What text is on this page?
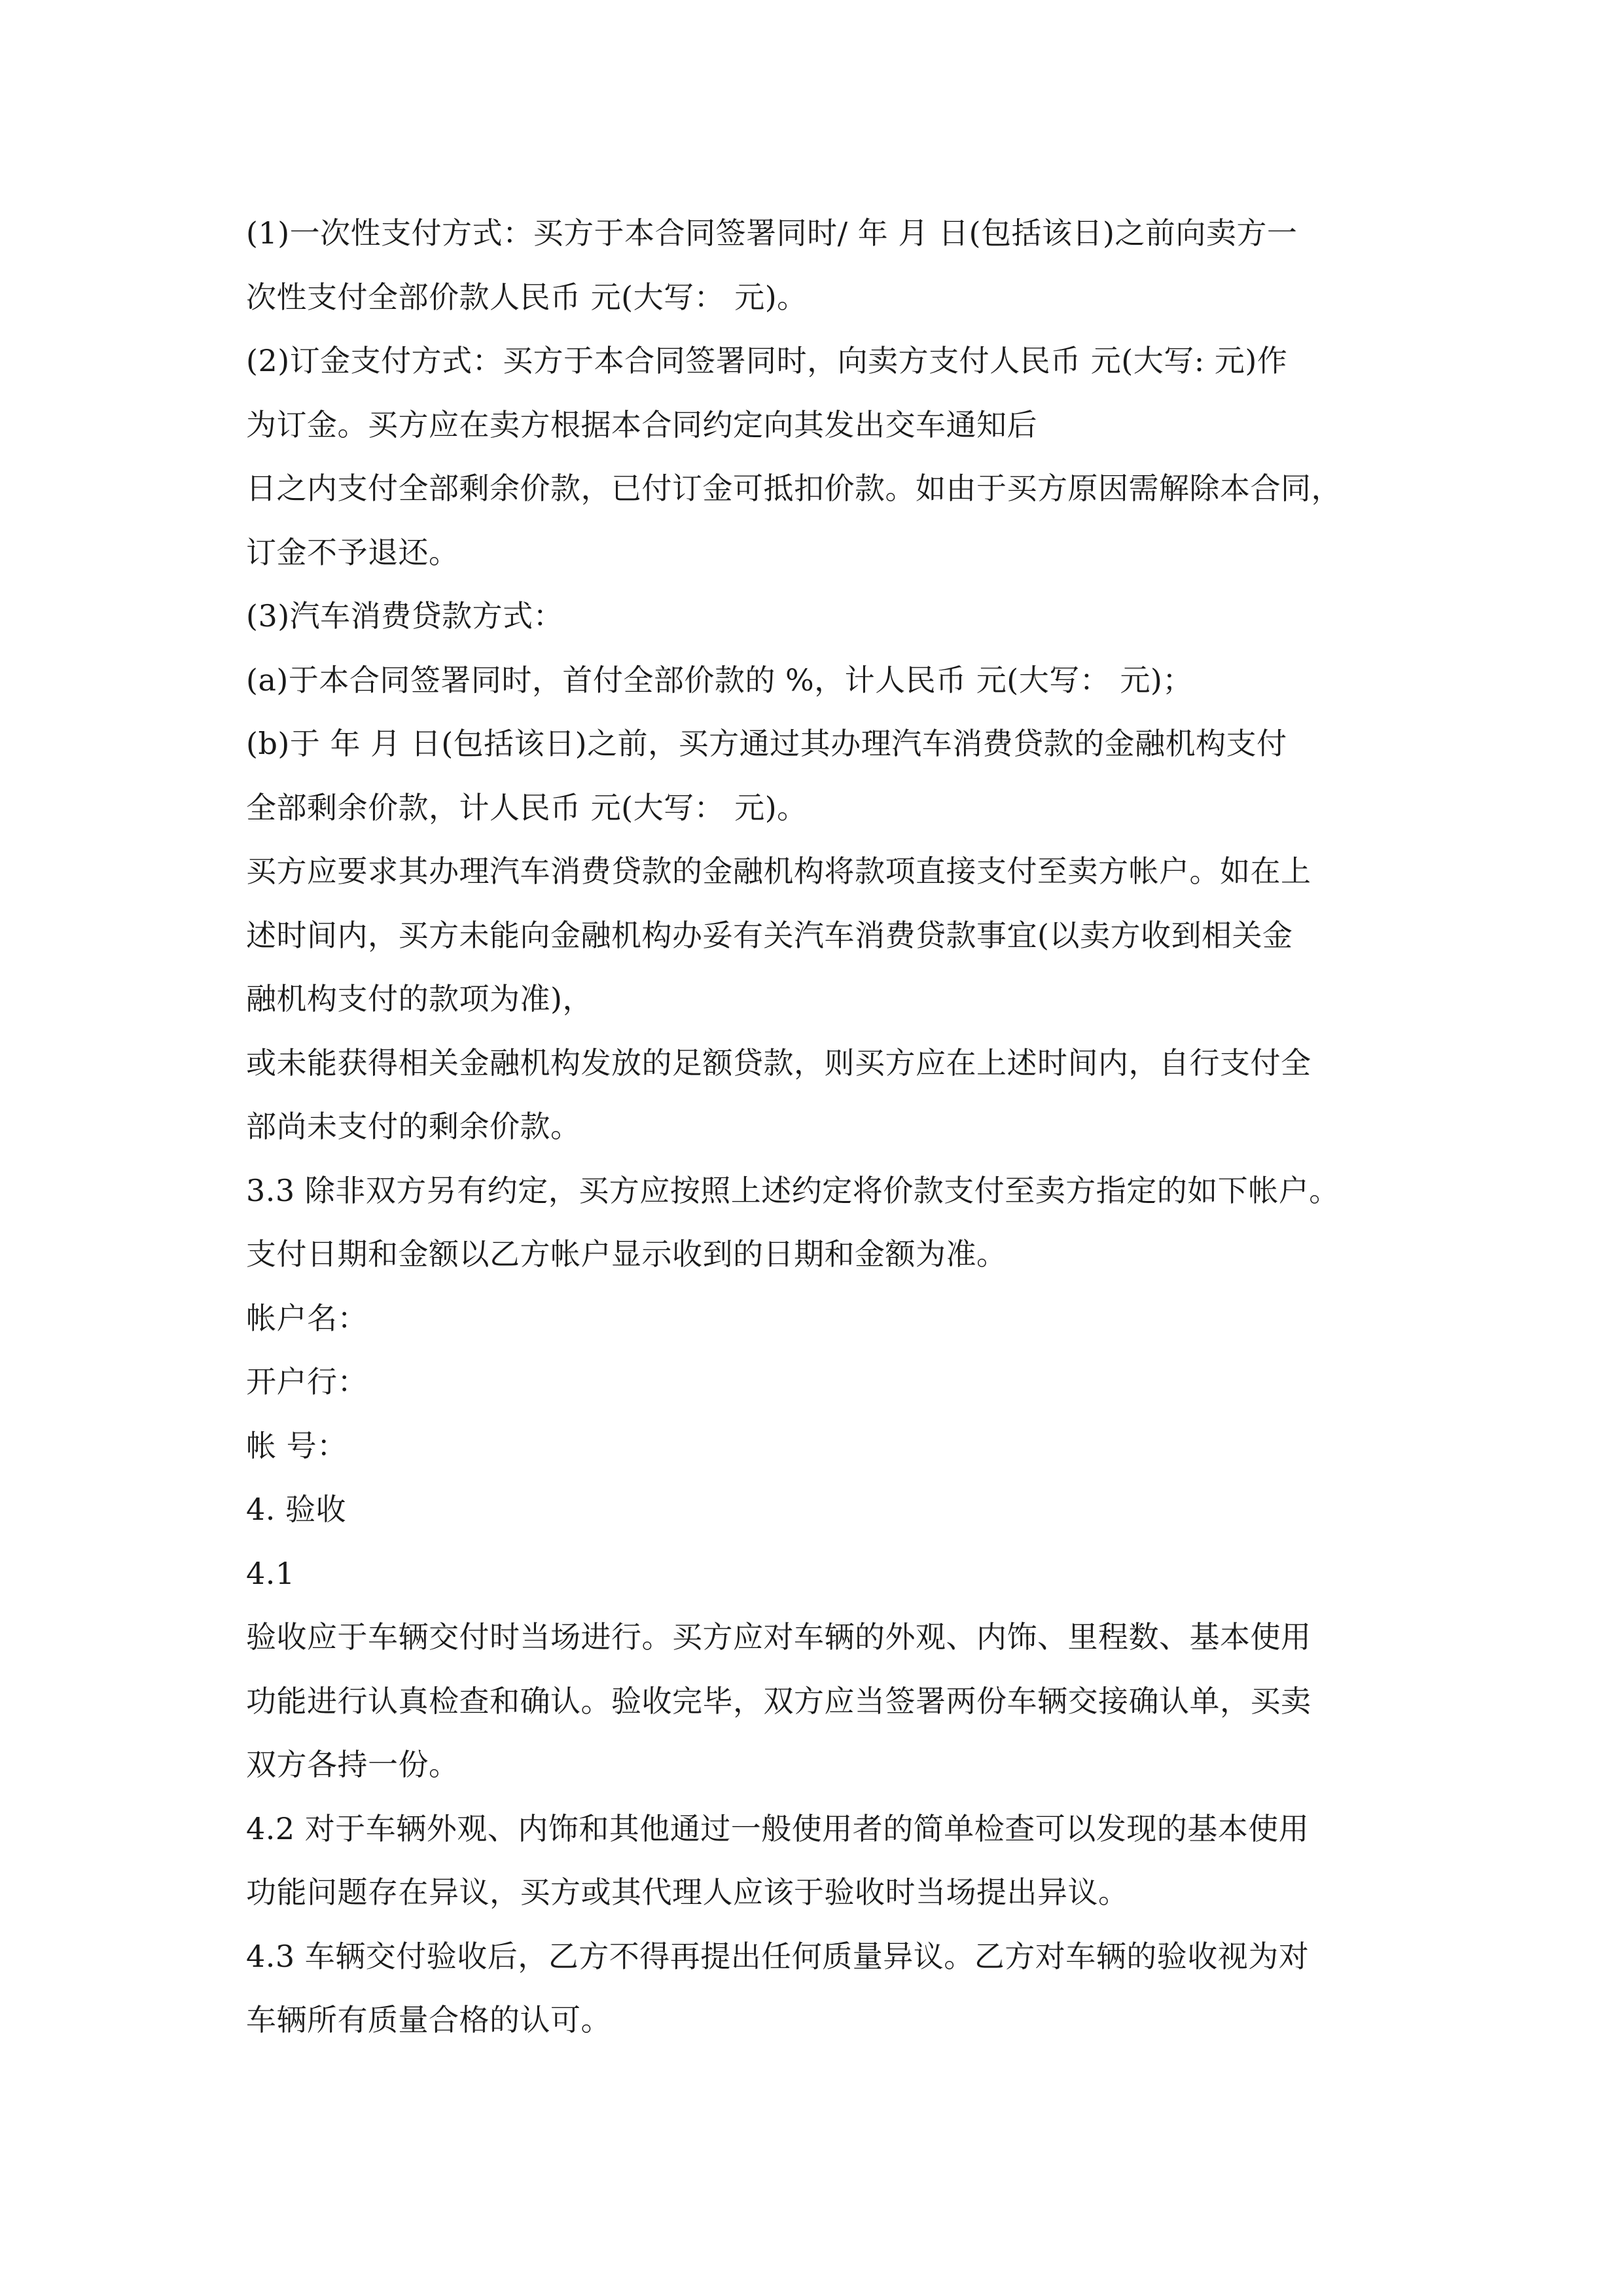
(1)一次性支付方式：买方于本合同签署同时/ 年 月 日(包括该日)之前向卖方一
次性支付全部价款人民币 元(大写： 元)。
(2)订金支付方式：买方于本合同签署同时，向卖方支付人民币 元(大写: 元)作
为订金。买方应在卖方根据本合同约定向其发出交车通知后
日之内支付全部剩余价款，已付订金可抵扣价款。如由于买方原因需解除本合同，
订金不予退还。
(3)汽车消费贷款方式：
(a)于本合同签署同时，首付全部价款的 %，计人民币 元(大写： 元)；
(b)于 年 月 日(包括该日)之前，买方通过其办理汽车消费贷款的金融机构支付
全部剩余价款，计人民币 元(大写： 元)。
买方应要求其办理汽车消费贷款的金融机构将款项直接支付至卖方帐户。如在上
述时间内，买方未能向金融机构办妥有关汽车消费贷款事宜(以卖方收到相关金
融机构支付的款项为准)，
或未能获得相关金融机构发放的足额贷款，则买方应在上述时间内，自行支付全
部尚未支付的剩余价款。
3.3 除非双方另有约定，买方应按照上述约定将价款支付至卖方指定的如下帐户。
支付日期和金额以乙方帐户显示收到的日期和金额为准。
帐户名：
开户行：
帐 号：
4. 验收
4.1
验收应于车辆交付时当场进行。买方应对车辆的外观、内饰、里程数、基本使用
功能进行认真检查和确认。验收完毕，双方应当签署两份车辆交接确认单，买卖
双方各持一份。
4.2 对于车辆外观、内饰和其他通过一般使用者的简单检查可以发现的基本使用
功能问题存在异议，买方或其代理人应该于验收时当场提出异议。
4.3 车辆交付验收后，乙方不得再提出任何质量异议。乙方对车辆的验收视为对
车辆所有质量合格的认可。
